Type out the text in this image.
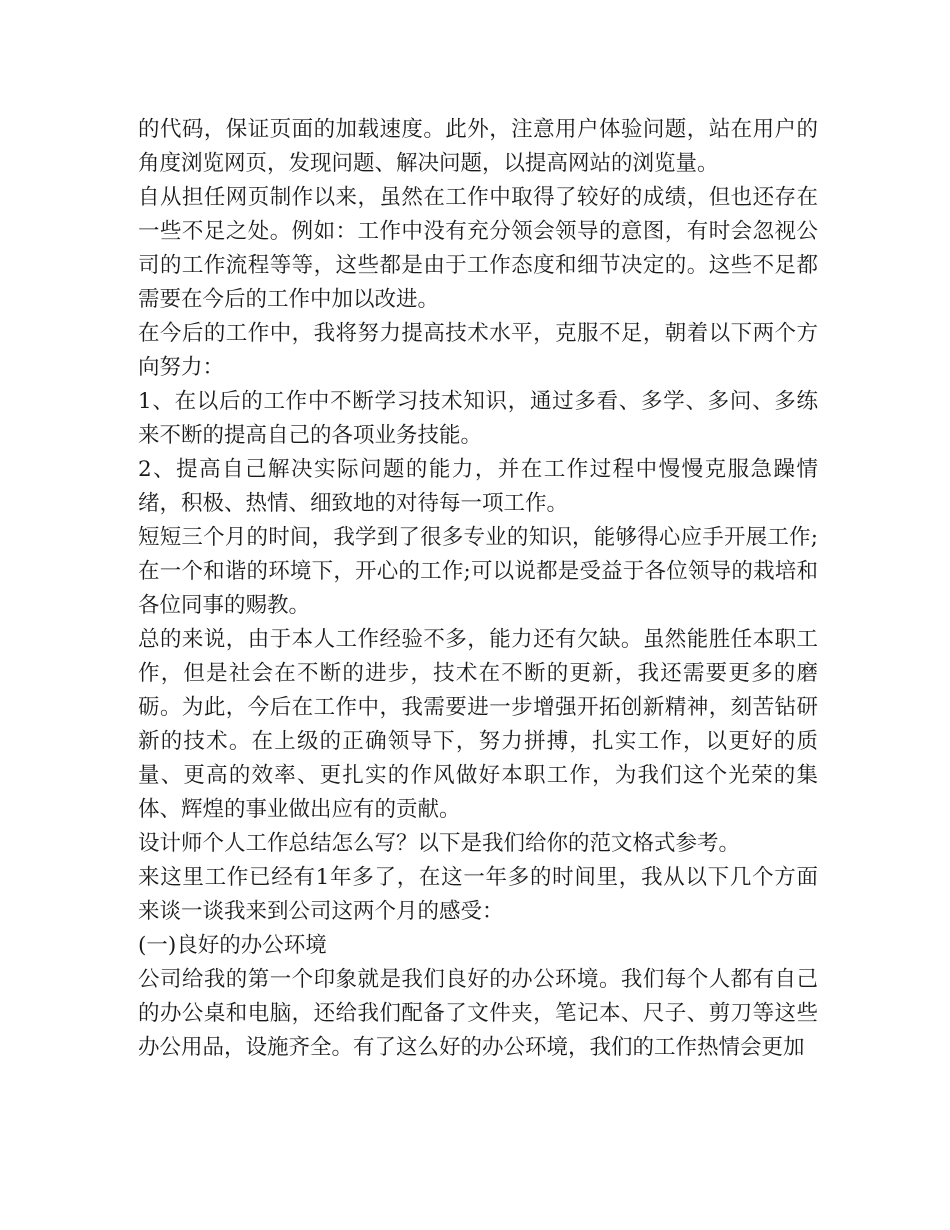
的代码，保证页面的加载速度。此外，注意用户体验问题，站在用户的角度浏览网页，发现问题、解决问题，以提高网站的浏览量。

自从担任网页制作以来，虽然在工作中取得了较好的成绩，但也还存在一些不足之处。例如：工作中没有充分领会领导的意图，有时会忽视公司的工作流程等等，这些都是由于工作态度和细节决定的。这些不足都需要在今后的工作中加以改进。

在今后的工作中，我将努力提高技术水平，克服不足，朝着以下两个方向努力：

1、在以后的工作中不断学习技术知识，通过多看、多学、多问、多练来不断的提高自己的各项业务技能。

2、提高自己解决实际问题的能力，并在工作过程中慢慢克服急躁情绪，积极、热情、细致地的对待每一项工作。

短短三个月的时间，我学到了很多专业的知识，能够得心应手开展工作;在一个和谐的环境下，开心的工作;可以说都是受益于各位领导的栽培和各位同事的赐教。

总的来说，由于本人工作经验不多，能力还有欠缺。虽然能胜任本职工作，但是社会在不断的进步，技术在不断的更新，我还需要更多的磨砺。为此，今后在工作中，我需要进一步增强开拓创新精神，刻苦钻研新的技术。在上级的正确领导下，努力拼搏，扎实工作，以更好的质量、更高的效率、更扎实的作风做好本职工作，为我们这个光荣的集体、辉煌的事业做出应有的贡献。

设计师个人工作总结怎么写？以下是我们给你的范文格式参考。

来这里工作已经有1年多了，在这一年多的时间里，我从以下几个方面来谈一谈我来到公司这两个月的感受：

(一)良好的办公环境

公司给我的第一个印象就是我们良好的办公环境。我们每个人都有自己的办公桌和电脑，还给我们配备了文件夹，笔记本、尺子、剪刀等这些办公用品，设施齐全。有了这么好的办公环境，我们的工作热情会更加
